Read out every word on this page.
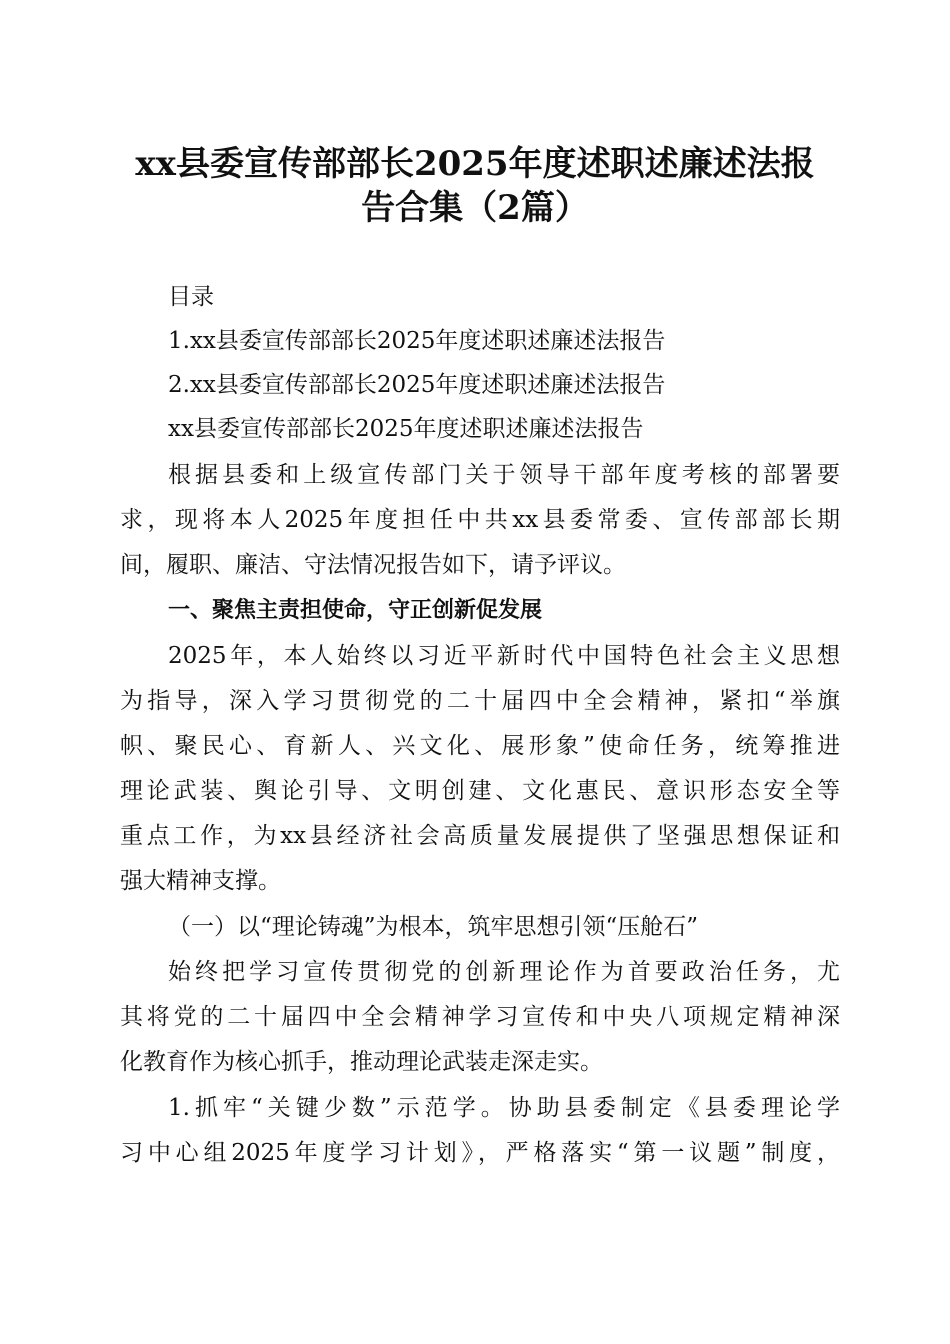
xx县委宣传部部长2025年度述职述廉述法报
告合集（2篇）

目录

1.xx县委宣传部部长2025年度述职述廉述法报告

2.xx县委宣传部部长2025年度述职述廉述法报告

xx县委宣传部部长2025年度述职述廉述法报告

根据县委和上级宣传部门关于领导干部年度考核的部署要

求，现将本人2025年度担任中共xx县委常委、宣传部部长期

间，履职、廉洁、守法情况报告如下，请予评议。

一、聚焦主责担使命，守正创新促发展

2025年，本人始终以习近平新时代中国特色社会主义思想

为指导，深入学习贯彻党的二十届四中全会精神，紧扣“举旗

帜、聚民心、育新人、兴文化、展形象”使命任务，统筹推进

理论武装、舆论引导、文明创建、文化惠民、意识形态安全等

重点工作，为xx县经济社会高质量发展提供了坚强思想保证和

强大精神支撑。

（一）以“理论铸魂”为根本，筑牢思想引领“压舱石”

始终把学习宣传贯彻党的创新理论作为首要政治任务，尤

其将党的二十届四中全会精神学习宣传和中央八项规定精神深

化教育作为核心抓手，推动理论武装走深走实。

1.抓牢“关键少数”示范学。协助县委制定《县委理论学

习中心组2025年度学习计划》，严格落实“第一议题”制度，
